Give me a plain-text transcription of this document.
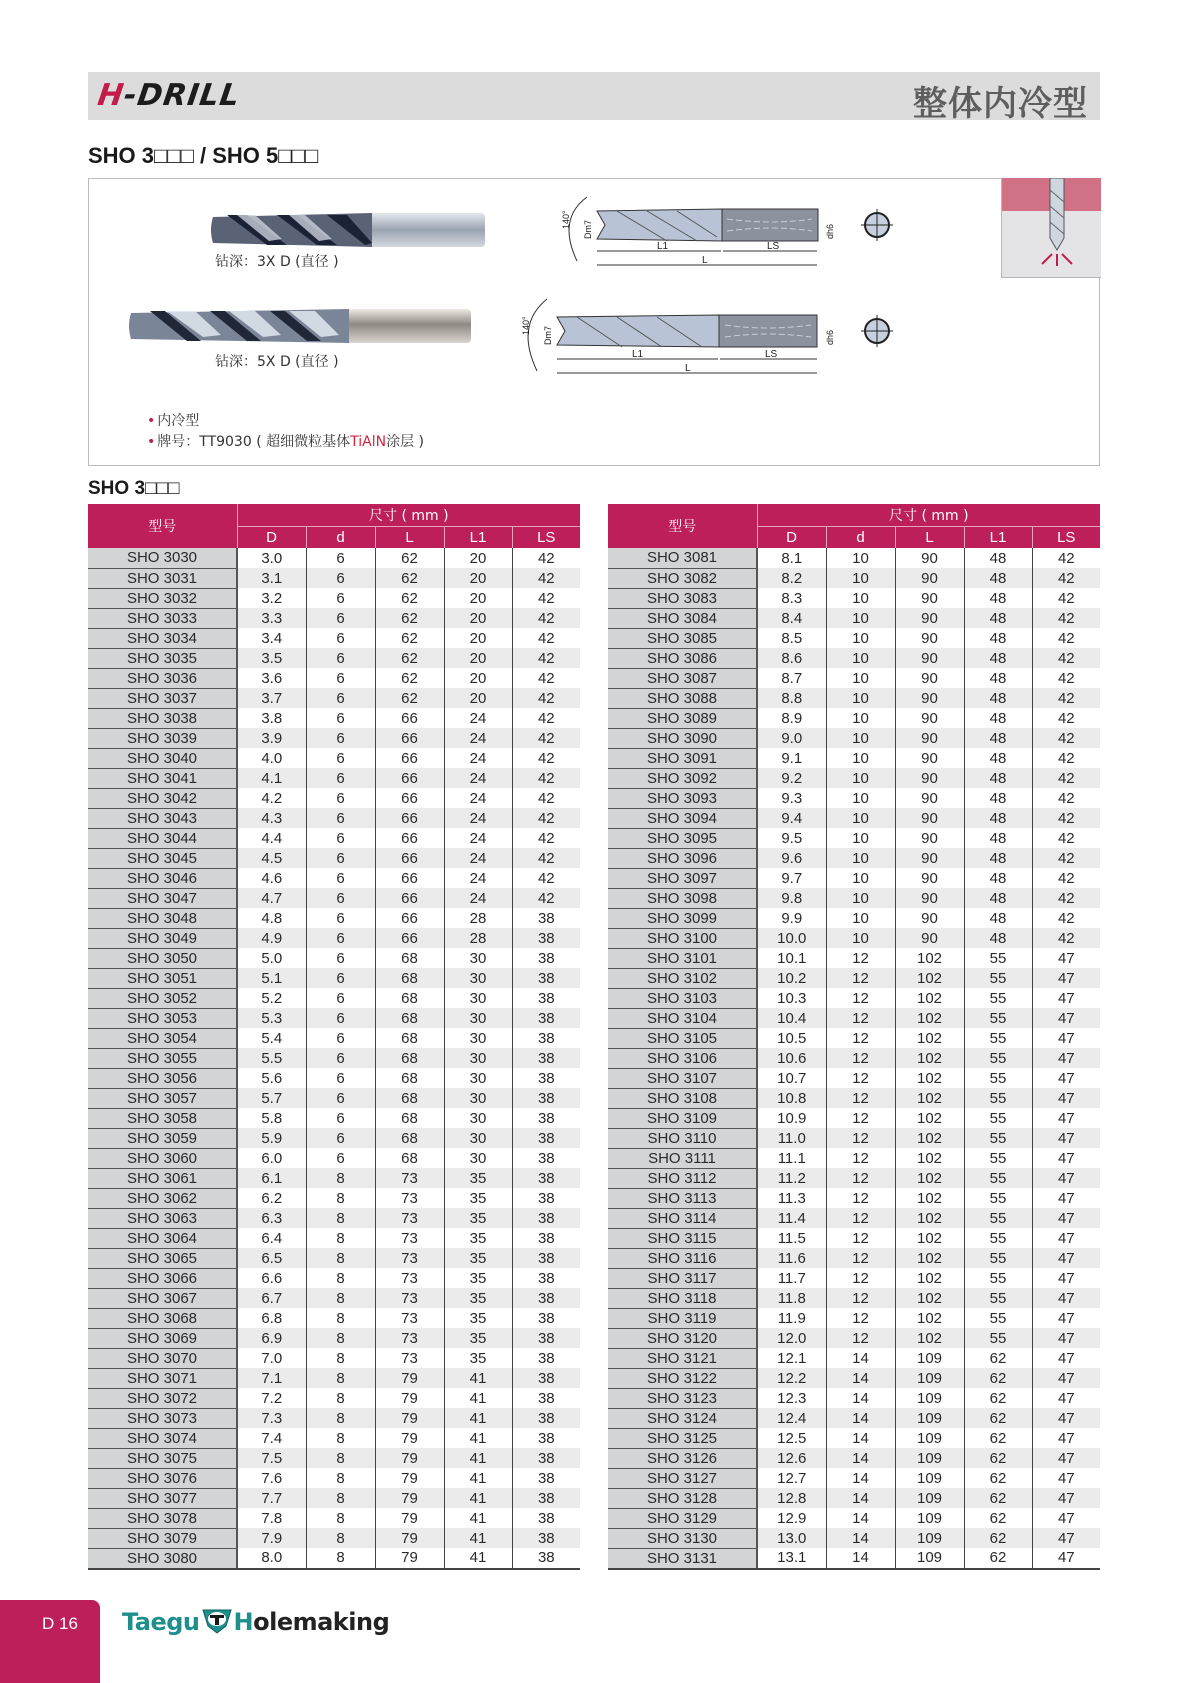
H-DRILL	整体内冷型
SHO 3□□□ / SHO 5□□□
钻深：3X D (直径 )
钻深：5X D (直径 )
• 内冷型
• 牌号：TT9030 ( 超细微粒基体TiAlN涂层 )
140°
Dm7	dh6
L1	LS
L
140°
Dm7	dh6
L1	LS
L
SHO 3□□□
型号	尺寸 ( mm )				
	D	d	L	L1	LS
SHO 3030	3.0	6	62	20	42
SHO 3031	3.1	6	62	20	42
SHO 3032	3.2	6	62	20	42
SHO 3033	3.3	6	62	20	42
SHO 3034	3.4	6	62	20	42
SHO 3035	3.5	6	62	20	42
SHO 3036	3.6	6	62	20	42
SHO 3037	3.7	6	62	20	42
SHO 3038	3.8	6	66	24	42
SHO 3039	3.9	6	66	24	42
SHO 3040	4.0	6	66	24	42
SHO 3041	4.1	6	66	24	42
SHO 3042	4.2	6	66	24	42
SHO 3043	4.3	6	66	24	42
SHO 3044	4.4	6	66	24	42
SHO 3045	4.5	6	66	24	42
SHO 3046	4.6	6	66	24	42
SHO 3047	4.7	6	66	24	42
SHO 3048	4.8	6	66	28	38
SHO 3049	4.9	6	66	28	38
SHO 3050	5.0	6	68	30	38
SHO 3051	5.1	6	68	30	38
SHO 3052	5.2	6	68	30	38
SHO 3053	5.3	6	68	30	38
SHO 3054	5.4	6	68	30	38
SHO 3055	5.5	6	68	30	38
SHO 3056	5.6	6	68	30	38
SHO 3057	5.7	6	68	30	38
SHO 3058	5.8	6	68	30	38
SHO 3059	5.9	6	68	30	38
SHO 3060	6.0	6	68	30	38
SHO 3061	6.1	8	73	35	38
SHO 3062	6.2	8	73	35	38
SHO 3063	6.3	8	73	35	38
SHO 3064	6.4	8	73	35	38
SHO 3065	6.5	8	73	35	38
SHO 3066	6.6	8	73	35	38
SHO 3067	6.7	8	73	35	38
SHO 3068	6.8	8	73	35	38
SHO 3069	6.9	8	73	35	38
SHO 3070	7.0	8	73	35	38
SHO 3071	7.1	8	79	41	38
SHO 3072	7.2	8	79	41	38
SHO 3073	7.3	8	79	41	38
SHO 3074	7.4	8	79	41	38
SHO 3075	7.5	8	79	41	38
SHO 3076	7.6	8	79	41	38
SHO 3077	7.7	8	79	41	38
SHO 3078	7.8	8	79	41	38
SHO 3079	7.9	8	79	41	38
SHO 3080	8.0	8	79	41	38
型号	尺寸 ( mm )				
	D	d	L	L1	LS
SHO 3081	8.1	10	90	48	42
SHO 3082	8.2	10	90	48	42
SHO 3083	8.3	10	90	48	42
SHO 3084	8.4	10	90	48	42
SHO 3085	8.5	10	90	48	42
SHO 3086	8.6	10	90	48	42
SHO 3087	8.7	10	90	48	42
SHO 3088	8.8	10	90	48	42
SHO 3089	8.9	10	90	48	42
SHO 3090	9.0	10	90	48	42
SHO 3091	9.1	10	90	48	42
SHO 3092	9.2	10	90	48	42
SHO 3093	9.3	10	90	48	42
SHO 3094	9.4	10	90	48	42
SHO 3095	9.5	10	90	48	42
SHO 3096	9.6	10	90	48	42
SHO 3097	9.7	10	90	48	42
SHO 3098	9.8	10	90	48	42
SHO 3099	9.9	10	90	48	42
SHO 3100	10.0	10	90	48	42
SHO 3101	10.1	12	102	55	47
SHO 3102	10.2	12	102	55	47
SHO 3103	10.3	12	102	55	47
SHO 3104	10.4	12	102	55	47
SHO 3105	10.5	12	102	55	47
SHO 3106	10.6	12	102	55	47
SHO 3107	10.7	12	102	55	47
SHO 3108	10.8	12	102	55	47
SHO 3109	10.9	12	102	55	47
SHO 3110	11.0	12	102	55	47
SHO 3111	11.1	12	102	55	47
SHO 3112	11.2	12	102	55	47
SHO 3113	11.3	12	102	55	47
SHO 3114	11.4	12	102	55	47
SHO 3115	11.5	12	102	55	47
SHO 3116	11.6	12	102	55	47
SHO 3117	11.7	12	102	55	47
SHO 3118	11.8	12	102	55	47
SHO 3119	11.9	12	102	55	47
SHO 3120	12.0	12	102	55	47
SHO 3121	12.1	14	109	62	47
SHO 3122	12.2	14	109	62	47
SHO 3123	12.3	14	109	62	47
SHO 3124	12.4	14	109	62	47
SHO 3125	12.5	14	109	62	47
SHO 3126	12.6	14	109	62	47
SHO 3127	12.7	14	109	62	47
SHO 3128	12.8	14	109	62	47
SHO 3129	12.9	14	109	62	47
SHO 3130	13.0	14	109	62	47
SHO 3131	13.1	14	109	62	47
D 16 Taegu Holemaking
